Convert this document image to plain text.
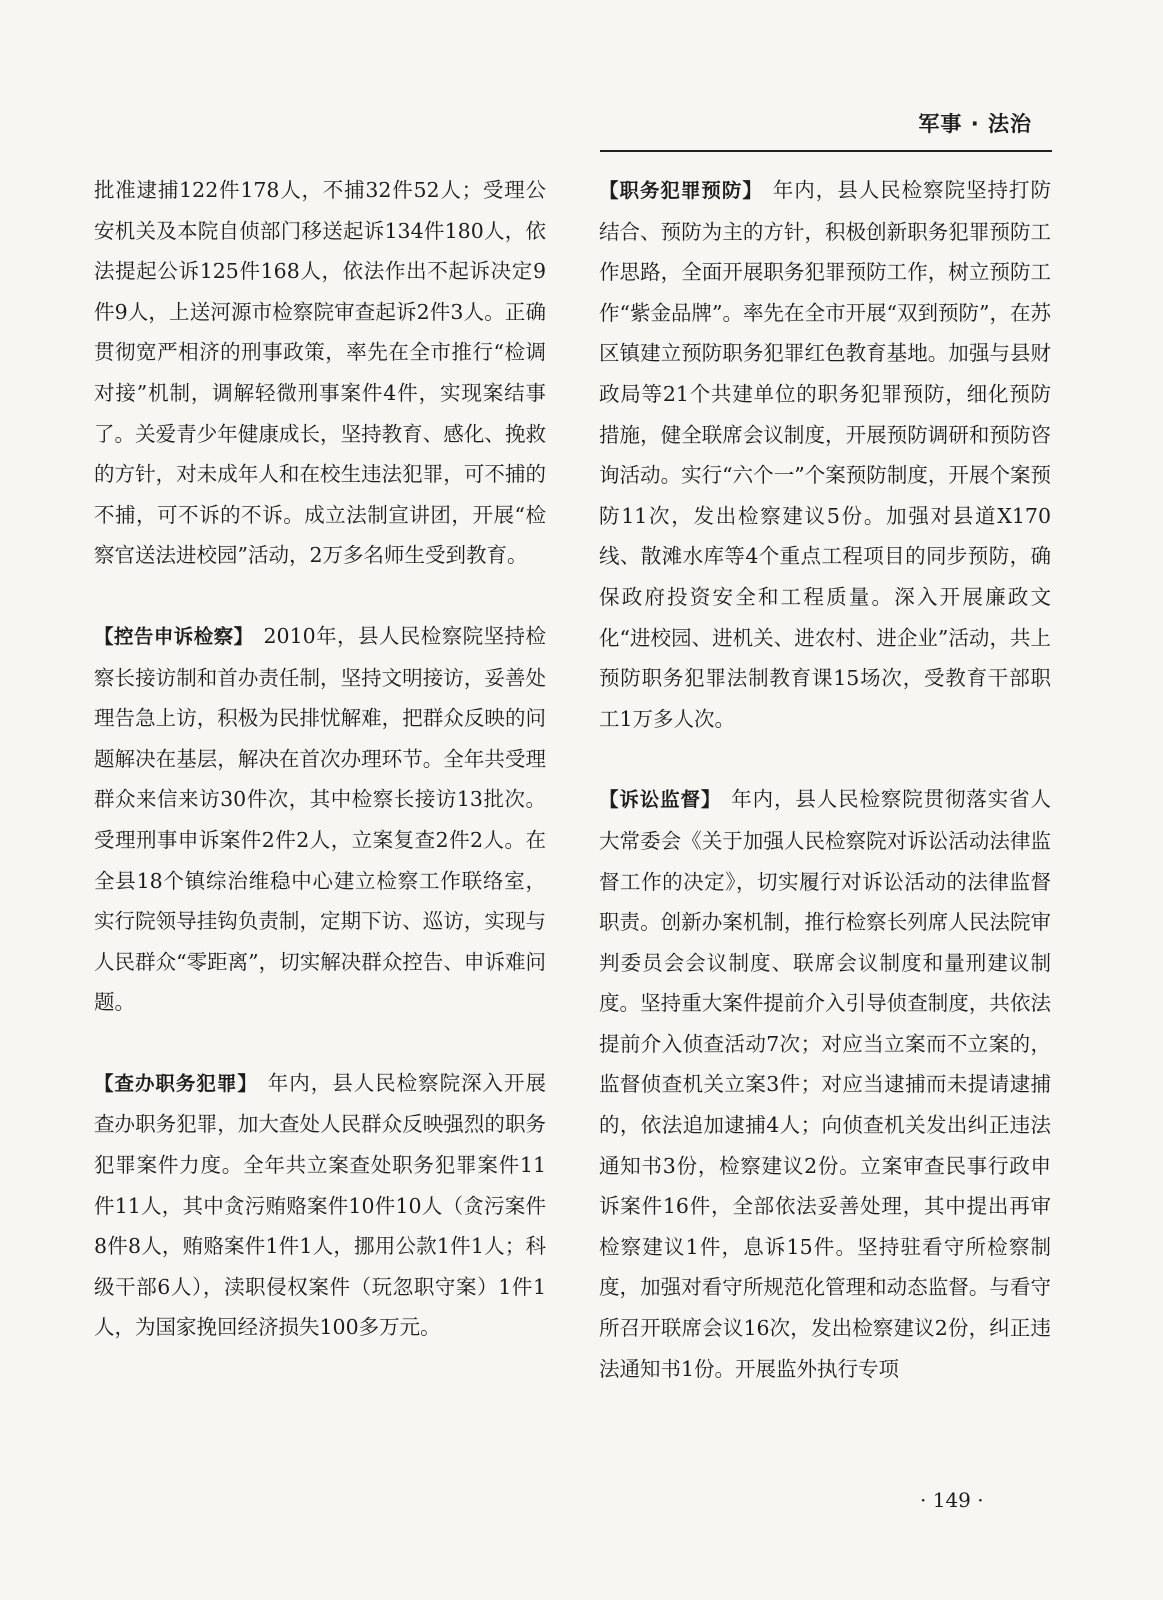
军事 · 法治

批准逮捕122件178人，不捕32件52人；受理公安机关及本院自侦部门移送起诉134件180人，依法提起公诉125件168人，依法作出不起诉决定9件9人，上送河源市检察院审查起诉2件3人。正确贯彻宽严相济的刑事政策，率先在全市推行“检调对接”机制，调解轻微刑事案件4件，实现案结事了。关爱青少年健康成长，坚持教育、感化、挽救的方针，对未成年人和在校生违法犯罪，可不捕的不捕，可不诉的不诉。成立法制宣讲团，开展“检察官送法进校园”活动，2万多名师生受到教育。

【控告申诉检察】 2010年，县人民检察院坚持检察长接访制和首办责任制，坚持文明接访，妥善处理告急上访，积极为民排忧解难，把群众反映的问题解决在基层，解决在首次办理环节。全年共受理群众来信来访30件次，其中检察长接访13批次。受理刑事申诉案件2件2人，立案复查2件2人。在全县18个镇综治维稳中心建立检察工作联络室，实行院领导挂钩负责制，定期下访、巡访，实现与人民群众“零距离”，切实解决群众控告、申诉难问题。

【查办职务犯罪】 年内，县人民检察院深入开展查办职务犯罪，加大查处人民群众反映强烈的职务犯罪案件力度。全年共立案查处职务犯罪案件11件11人，其中贪污贿赂案件10件10人（贪污案件8件8人，贿赂案件1件1人，挪用公款1件1人；科级干部6人），渎职侵权案件（玩忽职守案）1件1人，为国家挽回经济损失100多万元。

【职务犯罪预防】 年内，县人民检察院坚持打防结合、预防为主的方针，积极创新职务犯罪预防工作思路，全面开展职务犯罪预防工作，树立预防工作“紫金品牌”。率先在全市开展“双到预防”，在苏区镇建立预防职务犯罪红色教育基地。加强与县财政局等21个共建单位的职务犯罪预防，细化预防措施，健全联席会议制度，开展预防调研和预防咨询活动。实行“六个一”个案预防制度，开展个案预防11次，发出检察建议5份。加强对县道X170线、散滩水库等4个重点工程项目的同步预防，确保政府投资安全和工程质量。深入开展廉政文化“进校园、进机关、进农村、进企业”活动，共上预防职务犯罪法制教育课15场次，受教育干部职工1万多人次。

【诉讼监督】 年内，县人民检察院贯彻落实省人大常委会《关于加强人民检察院对诉讼活动法律监督工作的决定》，切实履行对诉讼活动的法律监督职责。创新办案机制，推行检察长列席人民法院审判委员会会议制度、联席会议制度和量刑建议制度。坚持重大案件提前介入引导侦查制度，共依法提前介入侦查活动7次；对应当立案而不立案的，监督侦查机关立案3件；对应当逮捕而未提请逮捕的，依法追加逮捕4人；向侦查机关发出纠正违法通知书3份，检察建议2份。立案审查民事行政申诉案件16件，全部依法妥善处理，其中提出再审检察建议1件，息诉15件。坚持驻看守所检察制度，加强对看守所规范化管理和动态监督。与看守所召开联席会议16次，发出检察建议2份，纠正违法通知书1份。开展监外执行专项

· 149 ·
